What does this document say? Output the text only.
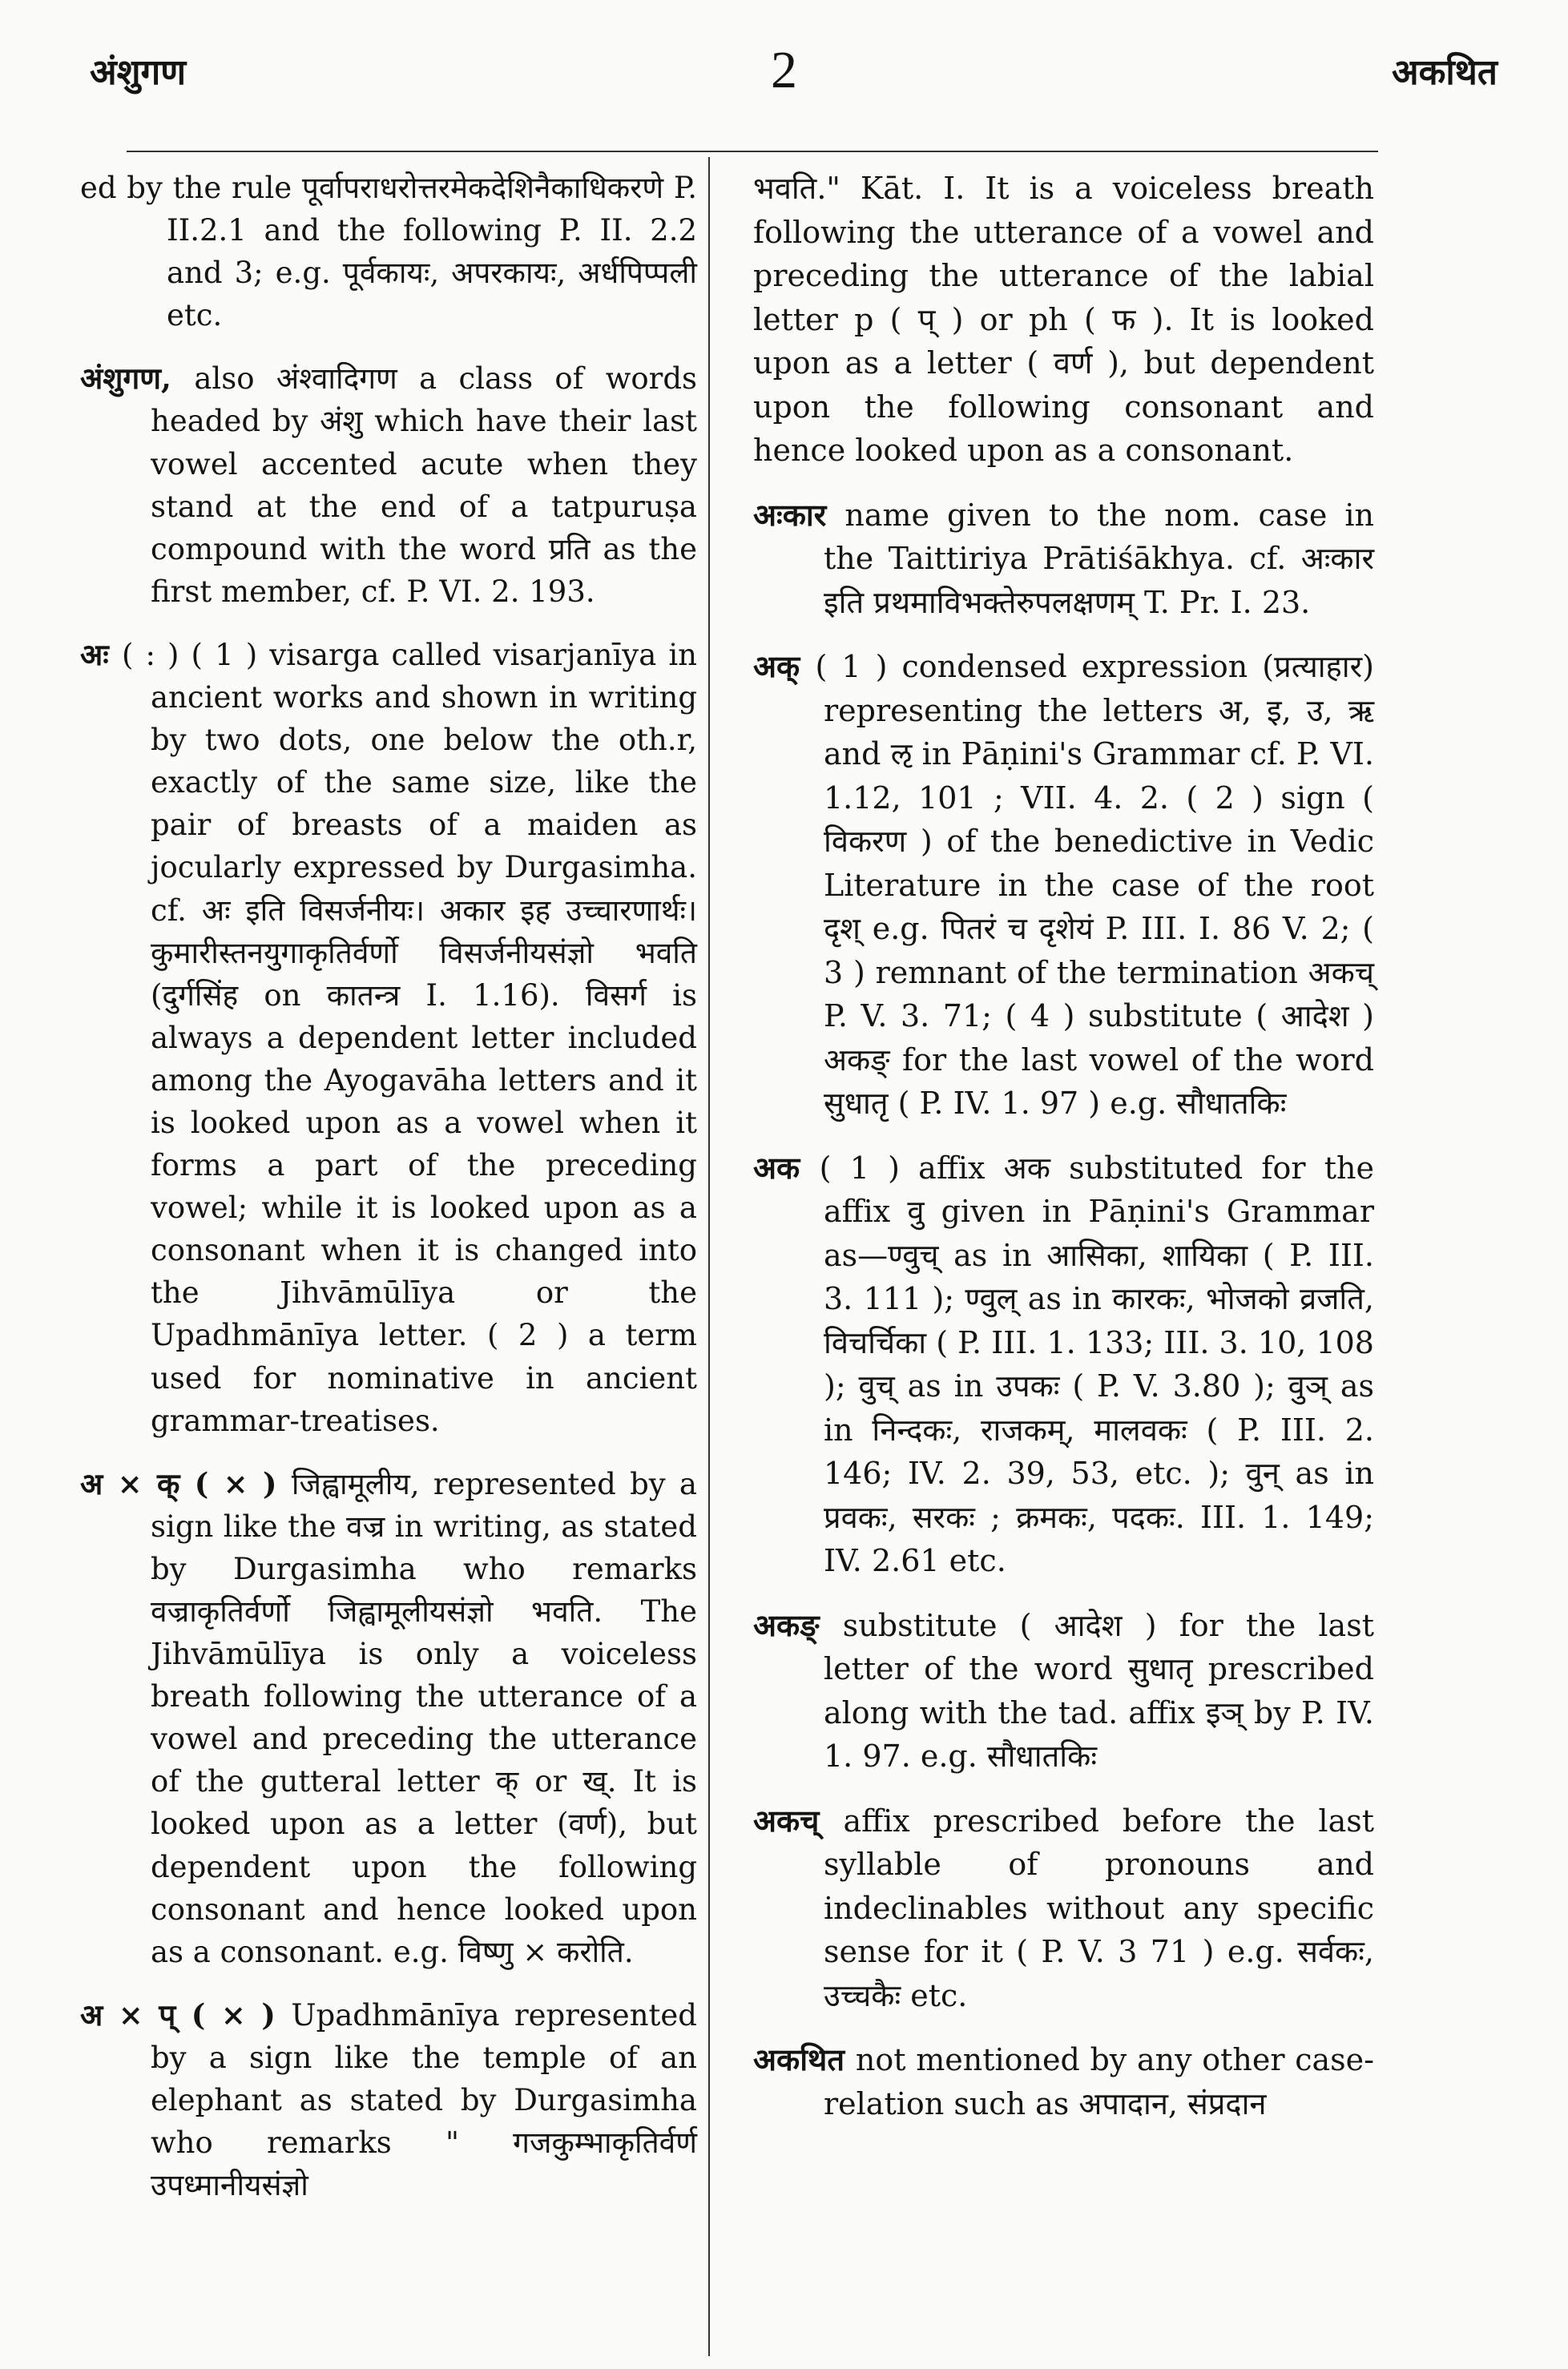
अंशुगण	2	अकथित

ed by the rule पूर्वापराधरोत्तरमेकदेशिनैकाधिकरणे P. II.2.1 and the following P. II. 2.2 and 3; e.g. पूर्वकायः, अपरकायः, अर्धपिप्पली etc.

अंशुगण, also अंश्वादिगण a class of words headed by अंशु which have their last vowel accented acute when they stand at the end of a tatpuruṣa compound with the word प्रति as the first member, cf. P. VI. 2. 193.

अः ( : ) ( 1 ) visarga called visarjanīya in ancient works and shown in writing by two dots, one below the oth.r, exactly of the same size, like the pair of breasts of a maiden as jocularly expressed by Durgasimha. cf. अः इति विसर्जनीयः। अकार इह उच्चारणार्थः। कुमारीस्तनयुगाकृतिर्वर्णो विसर्जनीयसंज्ञो भवति (दुर्गसिंह on कातन्त्र I. 1.16). विसर्ग is always a dependent letter included among the Ayogavāha letters and it is looked upon as a vowel when it forms a part of the preceding vowel; while it is looked upon as a consonant when it is changed into the Jihvāmūlīya or the Upadhmānīya letter. ( 2 ) a term used for nominative in ancient grammar-treatises.

अ × क् ( × ) जिह्वामूलीय, represented by a sign like the वज्र in writing, as stated by Durgasimha who remarks वज्राकृतिर्वर्णो जिह्वामूलीयसंज्ञो भवति. The Jihvāmūlīya is only a voiceless breath following the utterance of a vowel and preceding the utterance of the gutteral letter क् or ख्. It is looked upon as a letter (वर्ण), but dependent upon the following consonant and hence looked upon as a consonant. e.g. विष्णु × करोति.

अ × प् ( × ) Upadhmānīya represented by a sign like the temple of an elephant as stated by Durgasimha who remarks " गजकुम्भाकृतिर्वर्ण उपध्मानीयसंज्ञो

भवति." Kāt. I. It is a voiceless breath following the utterance of a vowel and preceding the utterance of the labial letter p ( प् ) or ph ( फ ). It is looked upon as a letter ( वर्ण ), but dependent upon the following consonant and hence looked upon as a consonant.

अःकार name given to the nom. case in the Taittiriya Prātiśākhya. cf. अःकार इति प्रथमाविभक्तेरुपलक्षणम् T. Pr. I. 23.

अक् ( 1 ) condensed expression (प्रत्याहार) representing the letters अ, इ, उ, ऋ and ऌ in Pāṇini's Grammar cf. P. VI. 1.12, 101 ; VII. 4. 2. ( 2 ) sign ( विकरण ) of the benedictive in Vedic Literature in the case of the root दृश् e.g. पितरं च दृशेयं P. III. I. 86 V. 2; ( 3 ) remnant of the termination अकच् P. V. 3. 71; ( 4 ) substitute ( आदेश ) अकङ् for the last vowel of the word सुधातृ ( P. IV. 1. 97 ) e.g. सौधातकिः

अक ( 1 ) affix अक substituted for the affix वु given in Pāṇini's Grammar as—ण्वुच् as in आसिका, शायिका ( P. III. 3. 111 ); ण्वुल् as in कारकः, भोजको व्रजति, विचर्चिका ( P. III. 1. 133; III. 3. 10, 108 ); वुच् as in उपकः ( P. V. 3.80 ); वुञ् as in निन्दकः, राजकम्, मालवकः ( P. III. 2. 146; IV. 2. 39, 53, etc. ); वुन् as in प्रवकः, सरकः ; क्रमकः, पदकः. III. 1. 149; IV. 2.61 etc.

अकङ् substitute ( आदेश ) for the last letter of the word सुधातृ prescribed along with the tad. affix इञ् by P. IV. 1. 97. e.g. सौधातकिः

अकच् affix prescribed before the last syllable of pronouns and indeclinables without any specific sense for it ( P. V. 3 71 ) e.g. सर्वकः, उच्चकैः etc.

अकथित not mentioned by any other case-relation such as अपादान, संप्रदान
